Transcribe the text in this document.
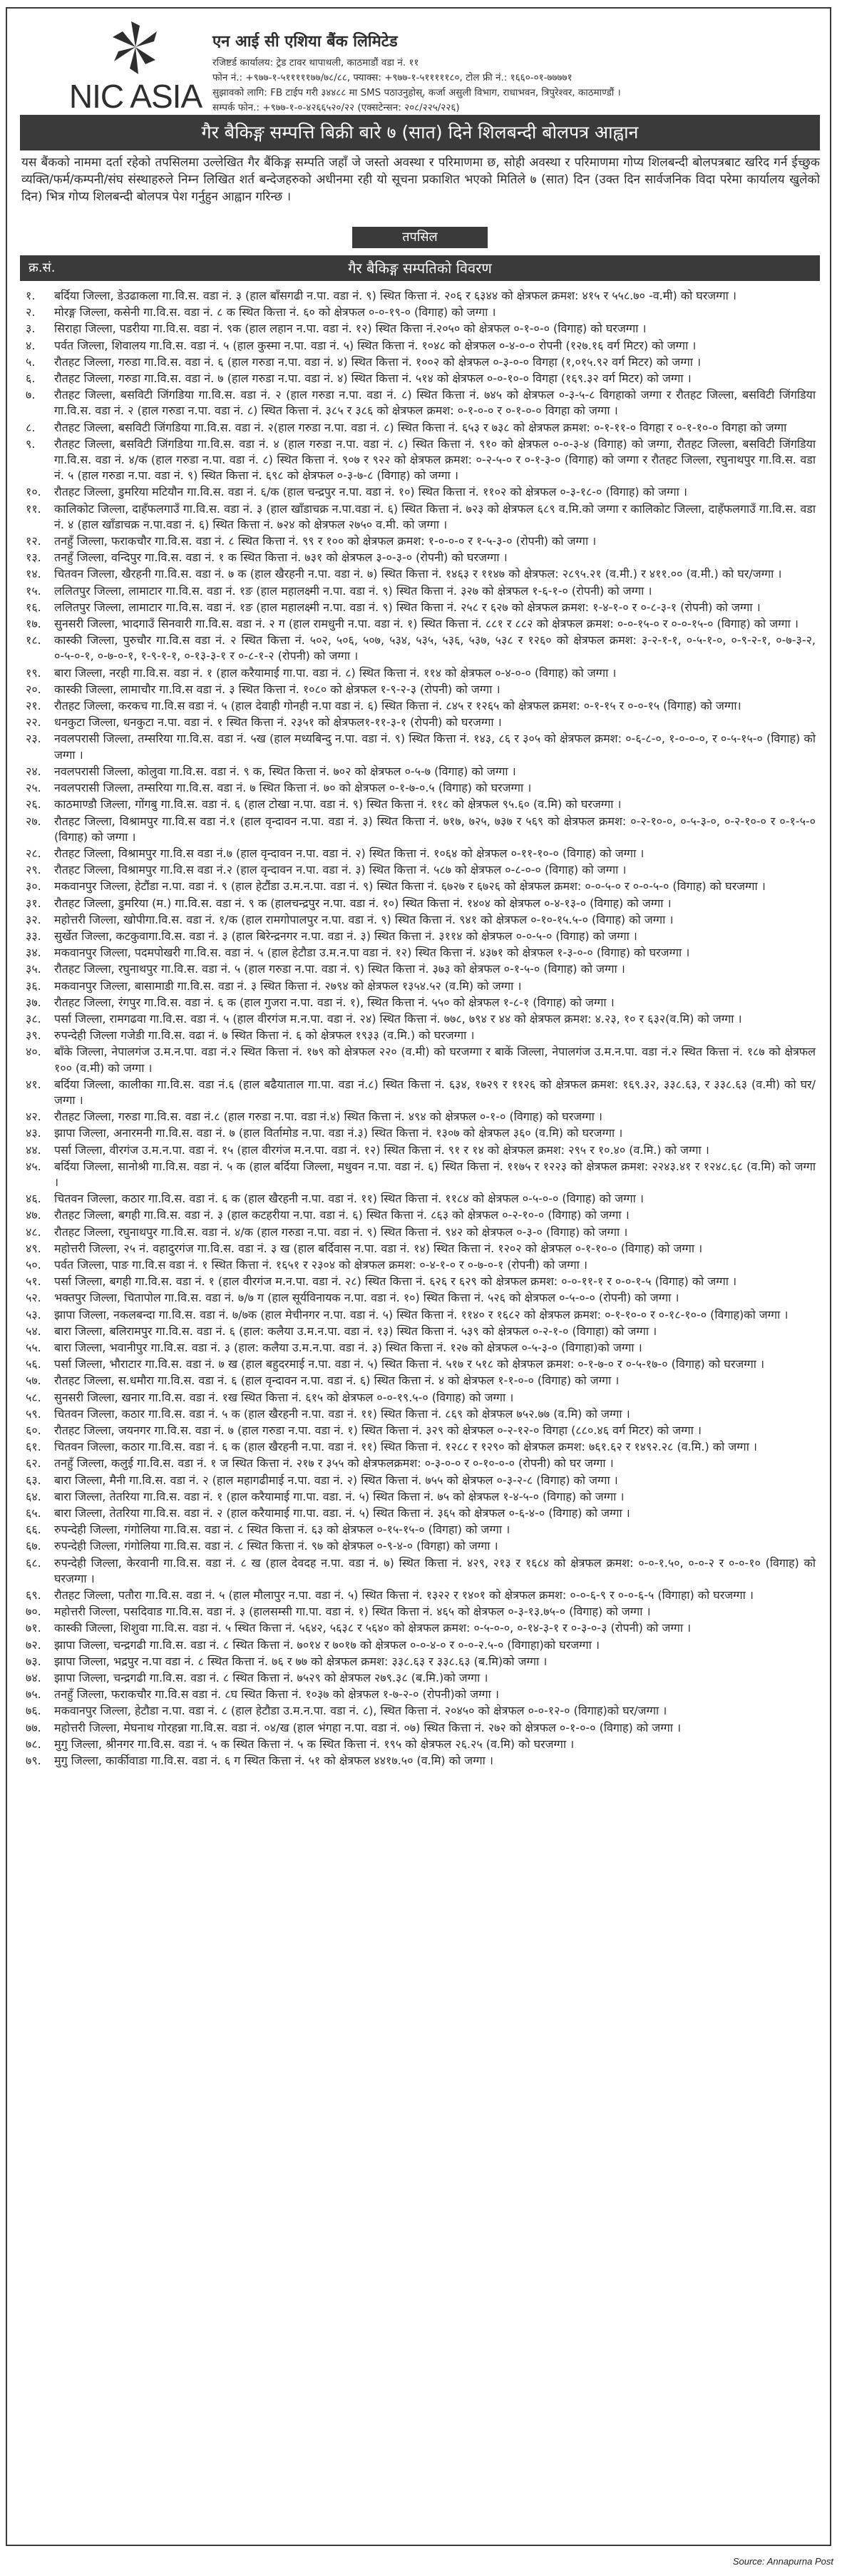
NIC ASIA
एन आई सी एशिया बैंक लिमिटेड
रजिष्टर्ड कार्यालय: ट्रेड टावर थापाथली, काठमाडौं वडा नं. ११
फोन नं.: +९७७-१-५१११११७७/७८/८८, फ्याक्स: +९७७-१-५१११११८०, टोल फ्री नं.: १६६०-०१-७७७७१
सुझावको लागि: FB टाईप गरी ३४४८८ मा SMS पठाउनुहोस्, कर्जा असुली विभाग, राधाभवन, त्रिपुरेश्वर, काठमाण्डौं ।
सम्पर्क फोन.: +९७७-१-०-४२६६५२०/२२ (एक्सटेन्सन: २०८/२२५/२२६)
गैर बैकिङ्ग सम्पत्ति बिक्री बारे ७ (सात) दिने शिलबन्दी बोलपत्र आह्वान
यस बैंकको नाममा दर्ता रहेको तपसिलमा उल्लेखित गैर बैंकिङ्ग सम्पति जहाँ जे जस्तो अवस्था र परिमाणमा छ, सोही अवस्था र परिमाणमा गोप्य शिलबन्दी बोलपत्रबाट खरिद गर्न ईच्छुक व्यक्ति/फर्म/कम्पनी/संघ संस्थाहरुले निम्न लिखित शर्त बन्देजहरुको अधीनमा रही यो सूचना प्रकाशित भएको मितिले ७ (सात) दिन (उक्त दिन सार्वजनिक विदा परेमा कार्यालय खुलेको दिन) भित्र गोप्य शिलबन्दी बोलपत्र पेश गर्नुहुन आह्वान गरिन्छ ।
तपसिल
गैर बैकिङ्ग सम्पतिको विवरण
क्र.सं.
१.	बर्दिया जिल्ला, डेउढाकला गा.वि.स. वडा नं. ३ (हाल बाँसगढी न.पा. वडा नं. ९) स्थित कित्ता नं. २०६ र ६३४४ को क्षेत्रफल क्रमश: ४१५ र ५५८.७० -व.मी) को घरजग्गा ।
२.	मोरङ्ग जिल्ला, कसेनी गा.वि.स. वडा नं. ८ क स्थित कित्ता नं. ६० को क्षेत्रफल ०-०-१९-० (विगाह) को जग्गा ।
३.	सिराहा जिल्ला, पडरीया गा.वि.स. वडा नं. ९क (हाल लहान न.पा. वडा नं. १२) स्थित कित्ता नं.२०५० को क्षेत्रफल ०-१-०-० (विगाह) को घरजग्गा ।
४.	पर्वत जिल्ला, शिवालय गा.वि.स. वडा नं. ५ (हाल कुस्मा न.पा. वडा नं. ५) स्थित कित्ता नं. १०४८ को क्षेत्रफल ०-४-०-० रोपनी (१२७.१६ वर्ग मिटर) को जग्गा ।
५.	रौतहट जिल्ला, गरुडा गा.वि.स. वडा नं. ६ (हाल गरुडा न.पा. वडा नं. ४) स्थित कित्ता नं. १००२ को क्षेत्रफल ०-३-०-० विगहा (१,०१५.९२ वर्ग मिटर) को जग्गा ।
६.	रौतहट जिल्ला, गरुडा गा.वि.स. वडा नं. ७ (हाल गरुडा न.पा. वडा नं. ४) स्थित कित्ता नं. ५१४ को क्षेत्रफल ०-०-१०-० विगहा (१६९.३२ वर्ग मिटर) को जग्गा ।
७.	रौतहट जिल्ला, बसविटी जिंगडिया गा.वि.स. वडा नं. २ (हाल गरुडा न.पा. वडा नं. ८) स्थित कित्ता नं. ७४५ को क्षेत्रफल ०-३-५-८ विगहाको जग्गा र रौतहट जिल्ला, बसविटी जिंगडिया गा.वि.स. वडा नं. २ (हाल गरुडा न.पा. वडा नं. ८) स्थित कित्ता नं. ३८५ र ३८६ को क्षेत्रफल क्रमश: ०-१-०-० र ०-१-०-० विगहा को जग्गा ।
८.	रौतहट जिल्ला, बसविटी जिंगडिया गा.वि.स. वडा नं. २(हाल गरुडा न.पा. वडा नं. ८) स्थित कित्ता नं. ६५३ र ७३८ को क्षेत्रफल क्रमश: ०-१-११-० विगहा र ०-१-१०-० विगहा को जग्गा
९.	रौतहट जिल्ला, बसविटी जिंगडिया गा.वि.स. वडा नं. ४ (हाल गरुडा न.पा. वडा नं. ८) स्थित कित्ता नं. ९१० को क्षेत्रफल ०-०-३-४ (विगाह) को जग्गा, रौतहट जिल्ला, बसविटी जिंगडिया गा.वि.स. वडा नं. ४/क (हाल गरुडा न.पा. वडा नं. ८) स्थित कित्ता नं. ९०७ र ९२२ को क्षेत्रफल क्रमश: ०-२-५-० र ०-१-३-० (विगाह) को जग्गा र रौतहट जिल्ला, रघुनाथपुर गा.वि.स. वडा नं. ५ (हाल गरुडा न.पा. वडा नं. ९) स्थित कित्ता नं. ६९८ को क्षेत्रफल ०-३-७-८ (विगाह) को जग्गा ।
१०.	रौतहट जिल्ला, डुमरिया मटियौन गा.वि.स. वडा नं. ६/क (हाल चन्द्रपुर न.पा. वडा नं. १०) स्थित कित्ता नं. ११०२ को क्षेत्रफल ०-३-१८-० (विगाह) को जग्गा ।
११.	कालिकोट जिल्ला, दाहँफलगाउँ गा.वि.स. वडा नं. ३ (हाल खाँडाचक्र न.पा.वडा नं. ६) स्थित कित्ता नं. ७२३ को क्षेत्रफल ६८९ व.मि.को जग्गा र कालिकोट जिल्ला, दाहँफलगाउँ गा.वि.स. वडा नं. ४ (हाल खाँडाचक्र न.पा.वडा नं. ६) स्थित कित्ता नं. ७२४ को क्षेत्रफल २७५० व.मी. को जग्गा ।
१२.	तनहुँ जिल्ला, फराकचौर गा.वि.स. वडा नं. ८ स्थित कित्ता नं. ९९ र १०० को क्षेत्रफल क्रमश: १-०-०-० र १-५-३-० (रोपनी) को जग्गा ।
१३.	तनहुँ जिल्ला, वन्दिपुर गा.वि.स. वडा नं. १ क स्थित कित्ता नं. ७३१ को क्षेत्रफल ३-०-३-० (रोपनी) को घरजग्गा ।
१४.	चितवन जिल्ला, खैरहनी गा.वि.स. वडा नं. ७ क (हाल खैरहनी न.पा. वडा नं. ७) स्थित कित्ता नं. १४६३ र ११४७ को क्षेत्रफल: २८९५.२१ (व.मी.) र ४११.०० (व.मी.) को घर/जग्गा ।
१५.	ललितपुर जिल्ला, लामाटार गा.वि.स. वडा नं. १ङ (हाल महालक्ष्मी न.पा. वडा नं. ९) स्थित कित्ता नं. ३२७ को क्षेत्रफल १-६-१-० (रोपनी) को जग्गा ।
१६.	ललितपुर जिल्ला, लामाटार गा.वि.स. वडा नं. १ङ (हाल महालक्ष्मी न.पा. वडा नं. ९) स्थित कित्ता नं. २५८ र ६२७ को क्षेत्रफल क्रमश: १-४-१-० र ०-८-३-१ (रोपनी) को जग्गा ।
१७.	सुनसरी जिल्ला, भादगाउँ सिनवारी गा.वि.स. वडा नं. २ ग (हाल रामधुनी न.पा. वडा नं. १) स्थित कित्ता नं. ८८१ र ८८२ को क्षेत्रफल क्रमश: ०-०-१५-० र ०-०-१५-० (विगाह) को जग्गा ।
१८.	कास्की जिल्ला, पुरुचौर गा.वि.स वडा नं. २ स्थित कित्ता नं. ५०२, ५०६, ५०७, ५३४, ५३५, ५३६, ५३७, ५३८ र १२६० को क्षेत्रफल क्रमश: ३-२-१-१, ०-५-१-०, ०-९-२-१, ०-७-३-२, ०-५-०-१, ०-७-०-१, १-९-१-१, ०-१३-३-१ र ०-८-१-२ (रोपनी) को जग्गा ।
१९.	बारा जिल्ला, नरही गा.वि.स. वडा नं. १ (हाल करैयामाई गा.पा. वडा नं. ८) स्थित कित्ता नं. ११४ को क्षेत्रफल ०-४-०-० (विगाह) को जग्गा ।
२०.	कास्की जिल्ला, लामाचौर गा.वि.स वडा नं. ३ स्थित कित्ता नं. १०८० को क्षेत्रफल १-९-२-३ (रोपनी) को जग्गा ।
२१.	रौतहट जिल्ला, करकच गा.वि.स वडा नं. ५ (हाल देवाही गोनही न.पा वडा नं. ६) स्थित कित्ता नं. ८४५ र १२६५ को क्षेत्रफल क्रमश: ०-१-१५ र ०-०-१५ (विगाह) को जग्गा।
२२.	धनकुटा जिल्ला, धनकुटा न.पा. वडा नं. १ स्थित कित्ता नं. २३५१ को क्षेत्रफल१-११-३-१ (रोपनी) को घरजग्गा ।
२३.	नवलपरासी जिल्ला, तम्सरिया गा.वि.स. वडा नं. ५ख (हाल मध्यबिन्दु न.पा. वडा नं. ९) स्थित कित्ता नं. १४३, ८६ र ३०५ को क्षेत्रफल क्रमश: ०-६-८-०, १-०-०-०, र ०-५-१५-० (विगाह) को जग्गा ।
२४.	नवलपरासी जिल्ला, कोलुवा गा.वि.स. वडा नं. ९ क, स्थित कित्ता नं. ७०२ को क्षेत्रफल ०-५-७ (विगाह) को जग्गा ।
२५.	नवलपरासी जिल्ला, तम्सरिया गा.वि.स. वडा नं. ७ स्थित कित्ता नं. ७० को क्षेत्रफल ०-१-७-०.५ (विगाह) को घरजग्गा ।
२६.	काठमाण्डौ जिल्ला, गोंगबु गा.वि.स. वडा नं. ६ (हाल टोखा न.पा. वडा नं. ९) स्थित कित्ता नं. ११८ को क्षेत्रफल ९५.६० (व.मि) को घरजग्गा ।
२७.	रौतहट जिल्ला, विश्रामपुर गा.वि.स वडा नं.१ (हाल वृन्दावन न.पा. वडा नं. ३) स्थित कित्ता नं. ७१७, ७२५, ७३७ र ५६९ को क्षेत्रफल क्रमश: ०-२-१०-०, ०-५-३-०, ०-२-१०-० र ०-१-५-० (विगाह) को जग्गा ।
२८.	रौतहट जिल्ला, विश्रामपुर गा.वि.स वडा नं.७ (हाल वृन्दावन न.पा. वडा नं. २) स्थित कित्ता नं. १०६४ को क्षेत्रफल ०-११-१०-० (विगाह) को जग्गा ।
२९.	रौतहट जिल्ला, विश्रामपुर गा.वि.स वडा नं.२ (हाल वृन्दावन न.पा. वडा नं. ३) स्थित कित्ता नं. ५८७ को क्षेत्रफल ०-८-०-० (विगाह) को जग्गा ।
३०.	मकवानपुर जिल्ला, हेटौंडा न.पा. वडा नं. ९ (हाल हेटौंडा उ.म.न.पा. वडा नं. ९) स्थित कित्ता नं. ६७२७ र ६७२६ को क्षेत्रफल क्रमश: ०-०-५-० र ०-०-५-० (विगाह) को घरजग्गा ।
३१.	रौतहट जिल्ला, डुमरिया (म.) गा.वि.स. वडा नं. ९ क (हालचन्द्रपुर न.पा. वडा नं. १०) स्थित कित्ता नं. १४०४ को क्षेत्रफल ०-४-१३-० (विगाह) को जग्गा ।
३२.	महोत्तरी जिल्ला, खोपीगा.वि.स. वडा नं. १/क (हाल रामगोपालपुर न.पा. वडा नं. ९) स्थित कित्ता नं. ९४१ को क्षेत्रफल ०-१०-१५.५-० (विगाह) को जग्गा ।
३३.	सुर्खेत जिल्ला, कटकुवागा.वि.स. वडा नं. ३ (हाल बिरेन्द्रनगर न.पा. वडा नं. ३) स्थित कित्ता नं. ३११४ को क्षेत्रफल ०-०-५-० (विगाह) को जग्गा ।
३४.	मकवानपुर जिल्ला, पदमपोखरी गा.वि.स. वडा नं. ५ (हाल हेटौडा उ.म.न.पा वडा नं. १२) स्थित कित्ता नं. ४३७१ को क्षेत्रफल १-३-०-० (विगाह) को घरजग्गा ।
३५.	रौतहट जिल्ला, रघुनाथपुर गा.वि.स. वडा नं. ५ (हाल गरुडा न.पा. वडा नं. ९) स्थित कित्ता नं. ३७३ को क्षेत्रफल ०-१-५-० (विगाह) को जग्गा ।
३६.	मकवानपुर जिल्ला, बासामाडी गा.वि.स. वडा नं. ३ स्थित कित्ता नं. २७९४ को क्षेत्रफल १३५४.५२ (व.मि) को जग्गा ।
३७.	रौतहट जिल्ला, रंगपुर गा.वि.स. वडा नं. ६ क (हाल गुजरा न.पा. वडा नं. १), स्थित कित्ता नं. ५५० को क्षेत्रफल १-८-१ (विगाह) को जग्गा ।
३८.	पर्सा जिल्ला, रामगढवा गा.वि.स. वडा नं. ५ (हाल वीरगंज म.न.पा. वडा नं. २४) स्थित कित्ता नं. ७७८, ७९४ र ४४ को क्षेत्रफल क्रमश: ४.२३, १० र ६३२(व.मि) को जग्गा ।
३९.	रुपन्देही जिल्ला गजेडी गा.वि.स. वढा नं. ७ स्थित कित्ता नं. ६ को क्षेत्रफल १९३३ (व.मि.) को घरजग्गा ।
४०.	बाँके जिल्ला, नेपालगंज उ.म.न.पा. वडा नं.२ स्थित कित्ता नं. १७९ को क्षेत्रफल २२० (व.मी) को घरजग्गा र बाकें जिल्ला, नेपालगंज उ.म.न.पा. वडा नं.२ स्थित कित्ता नं. १८७ को क्षेत्रफल १०० (व.मी) को जग्गा ।
४१.	बर्दिया जिल्ला, कालीका गा.वि.स. वडा नं.६ (हाल बढैयाताल गा.पा. वडा नं.८) स्थित कित्ता नं. ६३४, १७२९ र ११२६ को क्षेत्रफल क्रमश: १६९.३२, ३३८.६३, र ३३८.६३ (व.मी) को घर/जग्गा ।
४२.	रौतहट जिल्ला, गरुडा गा.वि.स. वडा नं.८ (हाल गरुडा न.पा. वडा नं.४) स्थित कित्ता नं. ४९४ को क्षेत्रफल ०-१-० (विगाह) को घरजग्गा ।
४३.	झापा जिल्ला, अनारमनी गा.वि.स. वडा नं. ७ (हाल विर्तामोड न.पा. वडा नं.३) स्थित कित्ता नं. १३०७ को क्षेत्रफल ३६० (व.मि) को घरजग्गा ।
४४.	पर्सा जिल्ला, वीरगंज उ.म.न.पा. वडा नं. १५ (हाल वीरगंज म.न.पा. वडा नं. १२) स्थित कित्ता नं. ९१ र १४ को क्षेत्रफल क्रमश: २९५ र १०.४० (व.मि.) को जग्गा ।
४५.	बर्दिया जिल्ला, सानोश्री गा.वि.स. वडा नं. ५ क (हाल बर्दिया जिल्ला, मधुवन न.पा. वडा नं. ६) स्थित कित्ता नं. ११७५ र १२२३ को क्षेत्रफल क्रमश: २२४३.४१ र १२४८.६८ (व.मि) को जग्गा ।
४६.	चितवन जिल्ला, कठार गा.वि.स. वडा नं. ६ क (हाल खैरहनी न.पा. वडा नं. ११) स्थित कित्ता नं. ११८४ को क्षेत्रफल ०-५-०-० (विगाह) को जग्गा ।
४७.	रौतहट जिल्ला, बगही गा.वि.स. वडा नं. ३ (हाल कटहरीया न.पा. वडा नं. ६) स्थित कित्ता नं. ८६३ को क्षेत्रफल ०-२-१०-० (विगाह) को जग्गा ।
४८.	रौतहट जिल्ला, रघुनाथपुर गा.वि.स. वडा नं. ४/क (हाल गरुडा न.पा. वडा नं. ९) स्थित कित्ता नं. ९४२ को क्षेत्रफल ०-३-० (विगाह) को जग्गा ।
४९.	महोत्तरी जिल्ला, २५ नं. वहादुरगंज गा.वि.स. वडा नं. ३ ख (हाल बर्दिवास न.पा. वडा नं. १४) स्थित कित्ता नं. १२०२ को क्षेत्रफल ०-१-१०-० (विगाह) को जग्गा ।
५०.	पर्वत जिल्ला, पाङ गा.वि.स वडा नं. १ स्थित कित्ता नं. १६५१ र २३०४ को क्षेत्रफल क्रमश: ०-४-१-० र ०-७-०-१ (रोपनी) को जग्गा ।
५१.	पर्सा जिल्ला, बगही गा.वि.स. वडा नं. १ (हाल वीरगंज म.न.पा. वडा नं. २८) स्थित कित्ता नं. ६२६ र ६२९ को क्षेत्रफल क्रमश: ०-०-११-१ र ०-०-१-५ (विगाह) को जग्गा ।
५२.	भक्तपुर जिल्ला, चितापोल गा.वि.स. वडा नं. ७/७ ग (हाल सूर्यविनायक न.पा. वडा नं. १०) स्थित कित्ता नं. ५२६ को क्षेत्रफल ०-५-०-० (रोपनी) को जग्गा ।
५३.	झापा जिल्ला, नकलबन्दा गा.वि.स. वडा नं. ७/७क (हाल मेचीनगर न.पा. वडा नं. ५) स्थित कित्ता नं. ११४० र १६८२ को क्षेत्रफल क्रमश: ०-१-१०-० र ०-१८-१०-० (विगाह)को जग्गा ।
५४.	बारा जिल्ला, बलिरामपुर गा.वि.स. वडा नं. ६ (हाल: कलैया उ.म.न.पा. वडा नं. १३) स्थित कित्ता नं. ५३९ को क्षेत्रफल ०-२-१-० (विगाहा) को जग्गा ।
५५.	बारा जिल्ला, भवानीपुर गा.वि.स. वडा नं. ३ (हाल: कलैया उ.म.न.पा. वडा नं. ३) स्थित कित्ता नं. १२७ को क्षेत्रफल ०-५-३-० (विगाहा)को जग्गा ।
५६.	पर्सा जिल्ला, भौराटार गा.वि.स. वडा नं. ७ ख (हाल बहुदरमाई न.पा. वडा नं. ५) स्थित कित्ता नं. ५१७ र ५१८ को क्षेत्रफल क्रमश: ०-१-७-० र ०-५-१७-० (विगाह) को घरजग्गा ।
५७.	रौतहट जिल्ला, स.धमौरा गा.वि.स. वडा नं. ६ (हाल वृन्दावन न.पा. वडा नं. ६) स्थित कित्ता नं. ४ को क्षेत्रफल १-१-०-० (विगाह) को जग्गा ।
५८.	सुनसरी जिल्ला, खनार गा.वि.स. वडा नं. १ख स्थित कित्ता नं. ६१५ को क्षेत्रफल ०-०-१९.५-० (विगाह) को जग्गा ।
५९.	चितवन जिल्ला, कठार गा.वि.स. वडा नं. ५ क (हाल खैरहनी न.पा. वडा नं. ११) स्थित कित्ता नं. ८६९ को क्षेत्रफल ७५२.७७ (व.मि) को जग्गा ।
६०.	रौतहट जिल्ला, जयनगर गा.वि.स. वडा नं. ७ (हाल गरुडा न.पा. वडा नं. १) स्थित कित्ता नं. ३२९ को क्षेत्रफल ०-२-१२-० विगहा (८८०.४६ वर्ग मिटर) को जग्गा ।
६१.	चितवन जिल्ला, कठार गा.वि.स. वडा नं. ६ क (हाल खैरहनी न.पा. वडा नं. ११) स्थित कित्ता नं. १२८८ र १२९० को क्षेत्रफल क्रमश: ७६१.६२ र १४९२.२८ (व.मि.) को जग्गा ।
६२.	तनहुँ जिल्ला, कलुई गा.वि.स. वडा नं. १ ज स्थित कित्ता नं. २१७ र ३५५ को क्षेत्रफलक्रमश: ०-३-०-० र ०-१०-०-० (रोपनी) को घर जग्गा ।
६३.	बारा जिल्ला, मैनी गा.वि.स. वडा नं. २ (हाल महागढीमाई न.पा. वडा नं. २) स्थित कित्ता नं. ७५५ को क्षेत्रफल ०-३-२-८ (विगाह) को जग्गा ।
६४.	बारा जिल्ला, तेतरिया गा.वि.स. वडा नं. १ (हाल करैयामाई गा.पा. वडा. नं. ५) स्थित कित्ता नं. ७५ को क्षेत्रफल १-४-५-० (विगाह) को जग्गा ।
६५.	बारा जिल्ला, तेतरिया गा.वि.स. वडा नं. २ (हाल करैयामाई गा.पा. वडा. नं. ५) स्थित कित्ता नं. ३६५ को क्षेत्रफल ०-६-४-० (विगाह) को जग्गा ।
६६.	रुपन्देही जिल्ला, गंगोलिया गा.वि.स. वडा नं. ८ स्थित कित्ता नं. ६३ को क्षेत्रफल ०-१५-१५-० (विगहा) को जग्गा ।
६७.	रुपन्देही जिल्ला, गंगोलिया गा.वि.स. वडा नं. ८ स्थित कित्ता नं. ९७ को क्षेत्रफल ०-९-४-० (विगहा) को जग्गा ।
६८.	रुपन्देही जिल्ला, केरवानी गा.वि.स. वडा नं. ८ ख (हाल देवदह न.पा. वडा नं. ७) स्थित कित्ता नं. ४२९, २१३ र १६८४ को क्षेत्रफल क्रमश: ०-०-१.५०, ०-०-२ र ०-०-१० (विगाह) को घरजग्गा ।
६९.	रौतहट जिल्ला, पतौरा गा.वि.स. वडा नं. ५ (हाल मौलापुर न.पा. वडा नं. ५) स्थित कित्ता नं. १३२२ र १४०१ को क्षेत्रफल क्रमश: ०-०-६-९ र ०-०-६-५ (विगाहा) को घरजग्गा ।
७०.	महोत्तरी जिल्ला, पसदिवाड गा.वि.स. वडा नं. ३ (हालसम्सी गा.पा. वडा नं. १) स्थित कित्ता नं. ४६५ को क्षेत्रफल ०-३-१३.७५-० (विगाह) को जग्गा ।
७१.	कास्की जिल्ला, शिशुवा गा.वि.स. वडा नं. ५ स्थित कित्ता नं. ५६४२, ५६३८ र ५६४० को क्षेत्रफल क्रमश: ०-५-०-०, ०-१४-३-१ र ०-३-०-३ (रोपनी) को जग्गा ।
७२.	झापा जिल्ला, चन्द्रगढी गा.वि.स. वडा नं. ८ स्थित कित्ता नं. ७०१४ र ७०१७ को क्षेत्रफल ०-०-४-० र ०-०-२.५-० (विगाहा)को घरजग्गा ।
७३.	झापा जिल्ला, भद्रपुर न.पा वडा नं. ८ स्थित कित्ता नं. ७६ र ७७ को क्षेत्रफल क्रमश: ३३८.६३ र ३३८.६३ (ब.मि)को जग्गा ।
७४.	झापा जिल्ला, चन्द्रगढी गा.वि.स. वडा नं. ८ स्थित कित्ता नं. ७५२९ को क्षेत्रफल २७९.३८ (ब.मि.)को जग्गा ।
७५.	तनहुँ जिल्ला, फराकचौर गा.वि.स वडा नं. ८घ स्थित कित्ता नं. १०३७ को क्षेत्रफल १-७-२-० (रोपनी)को जग्गा ।
७६.	मकवानपुर जिल्ला, हेटौडा न.पा. वडा नं. ८ (हाल हेटौडा उ.म.न.पा. वडा नं. ८), स्थित कित्ता नं. २०४५० को क्षेत्रफल ०-०-१२-० (विगाह)को घर/जग्गा ।
७७.	महोत्तरी जिल्ला, मेघनाथ गोरहन्ना गा.वि.स. वडा नं. ०४/ख (हाल भंगहा न.पा. वडा नं. ०७) स्थित कित्ता नं. २७२ को क्षेत्रफल ०-१-०-० (विगाह) को जग्गा ।
७८.	मुगु जिल्ला, श्रीनगर गा.वि.स. वडा नं. ५ क स्थित कित्ता नं. ५ क स्थित कित्ता नं. १९५ को क्षेत्रफल २६.२५ (व.मि) को घरजग्गा ।
७९.	मुगु जिल्ला, कार्कीवाडा गा.वि.स. वडा नं. ६ ग स्थित कित्ता नं. ५१ को क्षेत्रफल ४४१७.५० (व.मि) को जग्गा ।
Source: Annapurna Post
